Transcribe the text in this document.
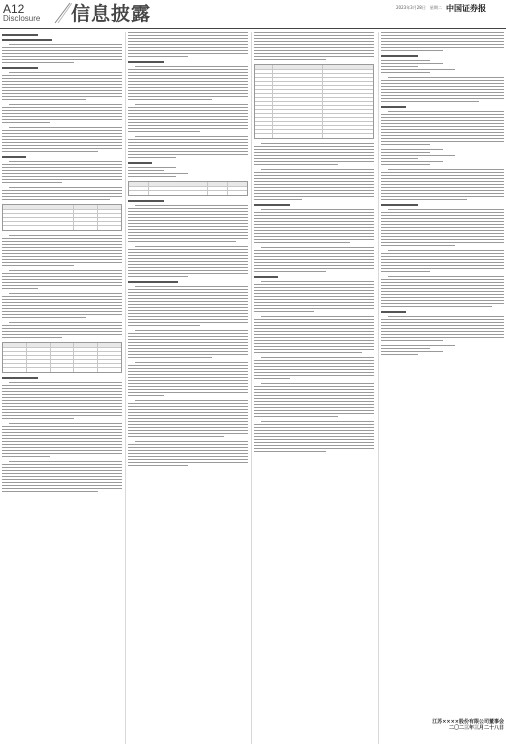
A12
Disclosure 信息披露	2023年3月28日　星期二 中国证券报
江苏××××股份有限公司董事会
二〇二三年三月二十八日
